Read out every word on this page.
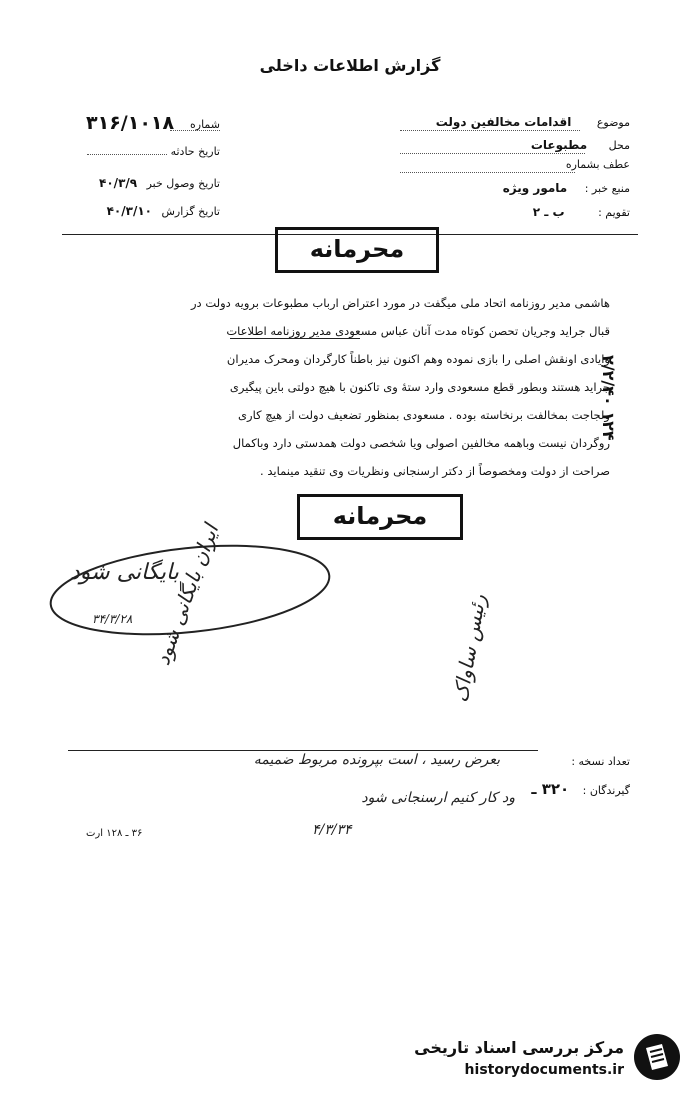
گزارش اطلاعات داخلی
۳۱۶/۱۰۱۸ شماره
تاریخ حادثه
تاریخ وصول خبر ۴۰/۳/۹
تاریخ گزارش ۴۰/۳/۱۰
موضوع اقدامات مخالفین دولت
محل مطبوعات
عطف بشماره
منبع خبر : مامور ویژه
تقویم : ب ـ ۲
محرمانه
هاشمی مدیر روزنامه اتحاد ملی میگفت در مورد اعتراض ارباب مطبوعات برویه دولت در
قبال جراید وجریان تحصن کوتاه مدت آنان عباس مسعودی مدیر روزنامه اطلاعات
وایادی اونقش اصلی را بازی نموده وهم اکنون نیز باطناً کارگردان ومحرک مدیران
جراید هستند وبطور قطع مسعودی وارد ستهٔ وی تاکنون با هیچ دولتی باین پیگیری
ولجاجت بمخالفت برنخاسته بوده . مسعودی بمنظور تضعیف دولت از هیچ کاری
روگردان نیست وباهمه مخالفین اصولی ویا شخصی دولت همدستی دارد وباکمال
صراحت از دولت ومخصوصاً از دکتر ارسنجانی ونظریات وی تنقید مینماید .
۲/۲/۴۰ ۱۲۴
محرمانه
بایگانی شود
۳۴/۳/۲۸ ایران بایگانی شود	رئیس ساواک
بعرض رسید ، است بپرونده مربوط ضمیمه
ود کار کنیم ارسنجانی شود
۴/۳/۳۴
تعداد نسخه :
گیرندگان : ۳۲۰ ـ
۳۶ ـ ۱۲۸ ارت
مرکز بررسی اسناد تاریخی
historydocuments.ir
